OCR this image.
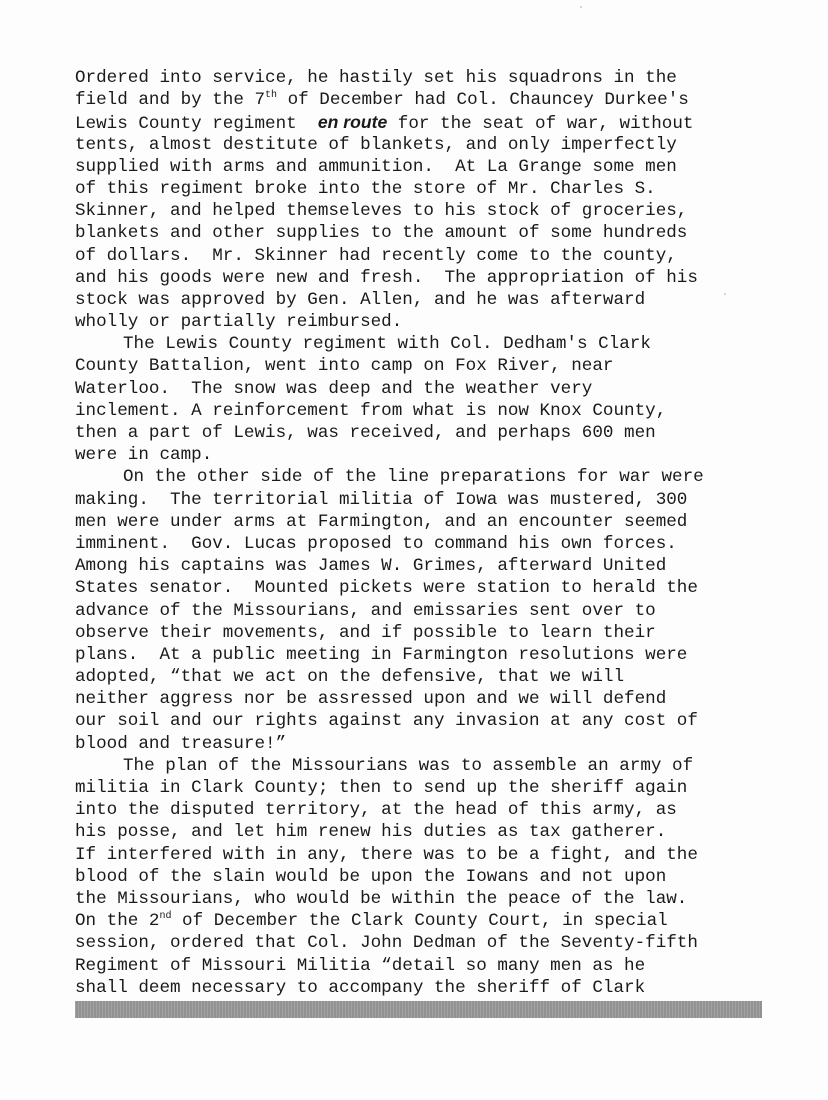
Ordered into service, he hastily set his squadrons in the
field and by the 7th of December had Col. Chauncey Durkee's
Lewis County regiment  en route for the seat of war, without
tents, almost destitute of blankets, and only imperfectly
supplied with arms and ammunition.  At La Grange some men
of this regiment broke into the store of Mr. Charles S.
Skinner, and helped themseleves to his stock of groceries,
blankets and other supplies to the amount of some hundreds
of dollars.  Mr. Skinner had recently come to the county,
and his goods were new and fresh.  The appropriation of his
stock was approved by Gen. Allen, and he was afterward
wholly or partially reimbursed.
The Lewis County regiment with Col. Dedham's Clark
County Battalion, went into camp on Fox River, near
Waterloo.  The snow was deep and the weather very
inclement. A reinforcement from what is now Knox County,
then a part of Lewis, was received, and perhaps 600 men
were in camp.
On the other side of the line preparations for war were
making.  The territorial militia of Iowa was mustered, 300
men were under arms at Farmington, and an encounter seemed
imminent.  Gov. Lucas proposed to command his own forces.
Among his captains was James W. Grimes, afterward United
States senator.  Mounted pickets were station to herald the
advance of the Missourians, and emissaries sent over to
observe their movements, and if possible to learn their
plans.  At a public meeting in Farmington resolutions were
adopted, “that we act on the defensive, that we will
neither aggress nor be assressed upon and we will defend
our soil and our rights against any invasion at any cost of
blood and treasure!”
The plan of the Missourians was to assemble an army of
militia in Clark County; then to send up the sheriff again
into the disputed territory, at the head of this army, as
his posse, and let him renew his duties as tax gatherer.
If interfered with in any, there was to be a fight, and the
blood of the slain would be upon the Iowans and not upon
the Missourians, who would be within the peace of the law.
On the 2nd of December the Clark County Court, in special
session, ordered that Col. John Dedman of the Seventy-fifth
Regiment of Missouri Militia “detail so many men as he
shall deem necessary to accompany the sheriff of Clark
